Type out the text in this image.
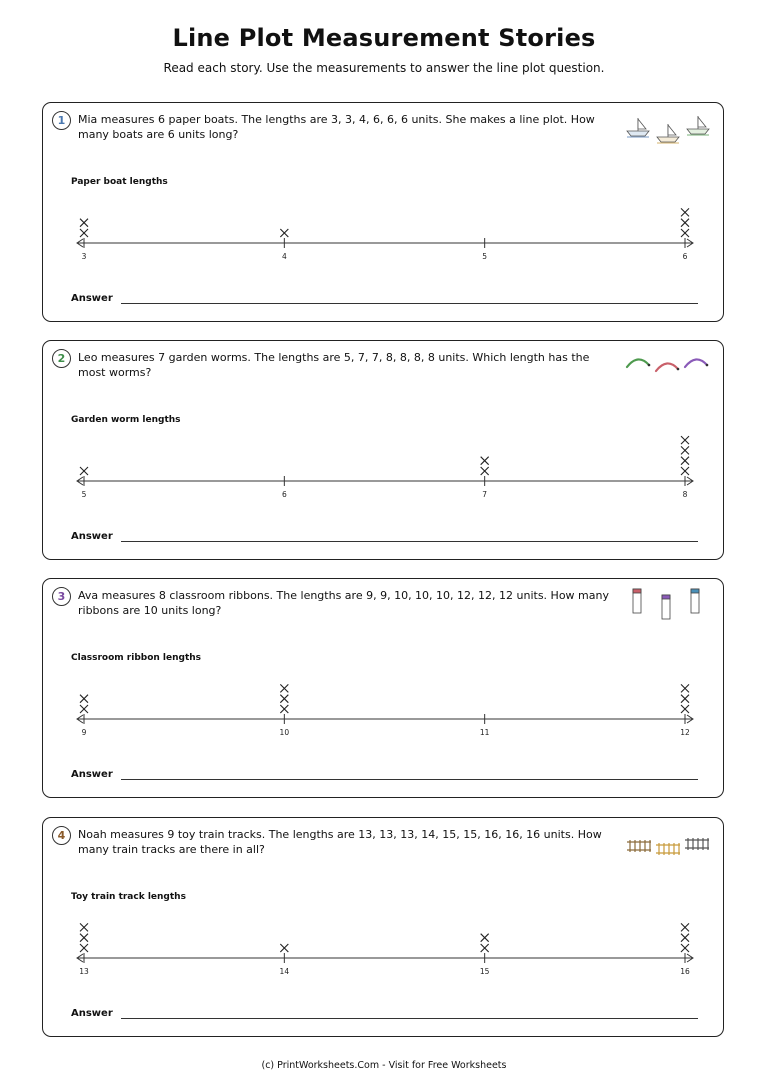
Line Plot Measurement Stories
Read each story. Use the measurements to answer the line plot question.
1	Mia measures 6 paper boats. The lengths are 3, 3, 4, 6, 6, 6 units. She makes a line plot. How many boats are 6 units long?
Paper boat lengths
3	4	5	6
Answer
2	Leo measures 7 garden worms. The lengths are 5, 7, 7, 8, 8, 8, 8 units. Which length has the most worms?
Garden worm lengths
5	6	7	8
Answer
3	Ava measures 8 classroom ribbons. The lengths are 9, 9, 10, 10, 10, 12, 12, 12 units. How many ribbons are 10 units long?
Classroom ribbon lengths
9	10	11	12
Answer
4	Noah measures 9 toy train tracks. The lengths are 13, 13, 13, 14, 15, 15, 16, 16, 16 units. How many train tracks are there in all?
Toy train track lengths
13	14	15	16
Answer
(c) PrintWorksheets.Com - Visit for Free Worksheets
